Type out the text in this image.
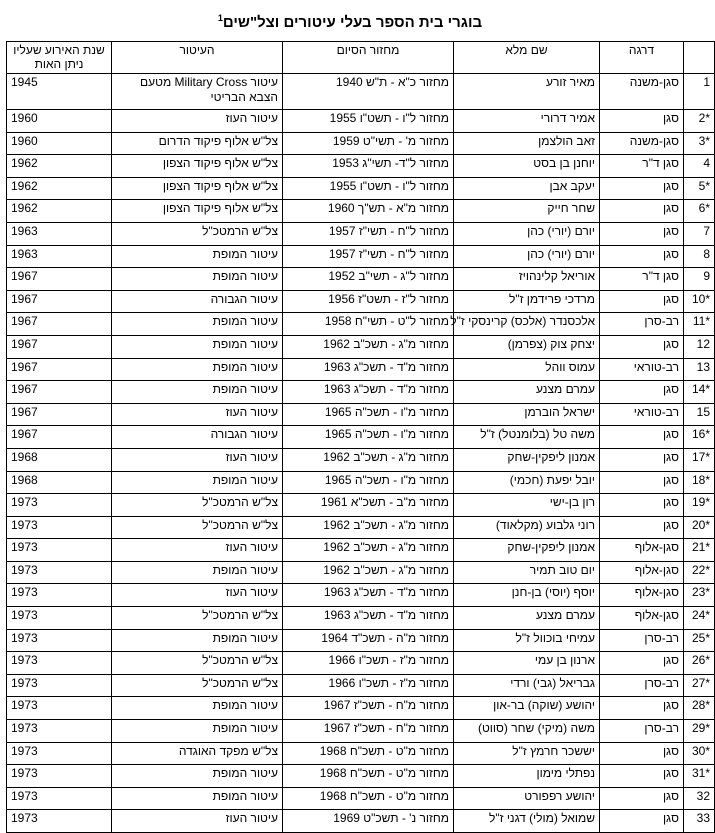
בוגרי בית הספר בעלי עיטורים וצל"שים$^1$
	דרגה	שם מלא	מחזור הסיום	העיטור	שנת האירוע שעליו ניתן האות
1	סגן-משנה	מאיר זורע	מחזור כ"א - ת"ש 1940	עיטור Military Cross מטעם הצבא הבריטי	1945
*2	סגן	אמיר דרורי	מחזור ל"ו - תשט"ו 1955	עיטור העוז	1960
*3	סגן-משנה	זאב הולצמן	מחזור מ' - תשי"ט 1959	צל"ש אלוף פיקוד הדרום	1960
4	סגן ד"ר	יוחנן בן בסט	מחזור ל"ד- תשי"ג 1953	צל"ש אלוף פיקוד הצפון	1962
*5	סגן	יעקב אבן	מחזור ל"ו - תשט"ו 1955	צל"ש אלוף פיקוד הצפון	1962
*6	סגן	שחר חייק	מחזור מ"א - תש"ך 1960	צל"ש אלוף פיקוד הצפון	1962
7	סגן	יורם (יורי) כהן	מחזור ל"ח - תשי"ז 1957	צל"ש הרמטכ"ל	1963
8	סגן	יורם (יורי) כהן	מחזור ל"ח - תשי"ז 1957	עיטור המופת	1963
9	סגן ד"ר	אוריאל קלינהויז	מחזור ל"ג - תשי"ב 1952	עיטור המופת	1967
*10	סגן	מרדכי פרידמן ז"ל	מחזור ל"ז - תשט"ז 1956	עיטור הגבורה	1967
*11	רב-סרן	אלכסנדר (אלכס) קרינסקי ז"ל	מחזור ל"ט - תשי"ח 1958	עיטור המופת	1967
12	סגן	יצחק צוק (צפרמן)	מחזור מ"ג - תשכ"ב 1962	עיטור המופת	1967
13	רב-טוראי	עמוס ווהל	מחזור מ"ד - תשכ"ג 1963	עיטור המופת	1967
*14	סגן	עמרם מצנע	מחזור מ"ד - תשכ"ג 1963	עיטור המופת	1967
15	רב-טוראי	ישראל הוברמן	מחזור מ"ו - תשכ"ה 1965	עיטור העוז	1967
*16	סגן	משה טל (בלומנטל) ז"ל	מחזור מ"ו - תשכ"ה 1965	עיטור הגבורה	1967
*17	סגן	אמנון ליפקין-שחק	מחזור מ"ג - תשכ"ב 1962	עיטור העוז	1968
*18	סגן	יובל יפעת (חכמי)	מחזור מ"ו - תשכ"ה 1965	עיטור המופת	1968
*19	סגן	רון בן-ישי	מחזור מ"ב - תשכ"א 1961	צל"ש הרמטכ"ל	1973
*20	סגן	רוני גלבוע (מקלאוד)	מחזור מ"ג - תשכ"ב 1962	צל"ש הרמטכ"ל	1973
*21	סגן-אלוף	אמנון ליפקין-שחק	מחזור מ"ג - תשכ"ב 1962	עיטור העוז	1973
*22	סגן-אלוף	יום טוב תמיר	מחזור מ"ג - תשכ"ב 1962	עיטור המופת	1973
*23	סגן-אלוף	יוסף (יוסי) בן-חנן	מחזור מ"ד - תשכ"ג 1963	עיטור העוז	1973
*24	סגן-אלוף	עמרם מצנע	מחזור מ"ד - תשכ"ג 1963	צל"ש הרמטכ"ל	1973
*25	רב-סרן	עמיחי בוכוול ז"ל	מחזור מ"ה - תשכ"ד 1964	עיטור המופת	1973
*26	סגן	ארנון בן עמי	מחזור מ"ז - תשכ"ו 1966	צל"ש הרמטכ"ל	1973
*27	רב-סרן	גבריאל (גבי) ורדי	מחזור מ"ז - תשכ"ו 1966	צל"ש הרמטכ"ל	1973
*28	סגן	יהושע (שוקה) בר-און	מחזור מ"ח - תשכ"ז 1967	עיטור המופת	1973
*29	רב-סרן	משה (מיקי) שחר (סווט)	מחזור מ"ח - תשכ"ז 1967	עיטור המופת	1973
*30	סגן	יששכר חרמץ ז"ל	מחזור מ"ט - תשכ"ח 1968	צל"ש מפקד האוגדה	1973
*31	סגן	נפתלי מימון	מחזור מ"ט - תשכ"ח 1968	עיטור המופת	1973
32	סגן	יהושע רפפורט	מחזור מ"ט - תשכ"ח 1968	עיטור המופת	1973
33	סגן	שמואל (מולי) דגני ז"ל	מחזור נ' - תשכ"ט 1969	עיטור העוז	1973
